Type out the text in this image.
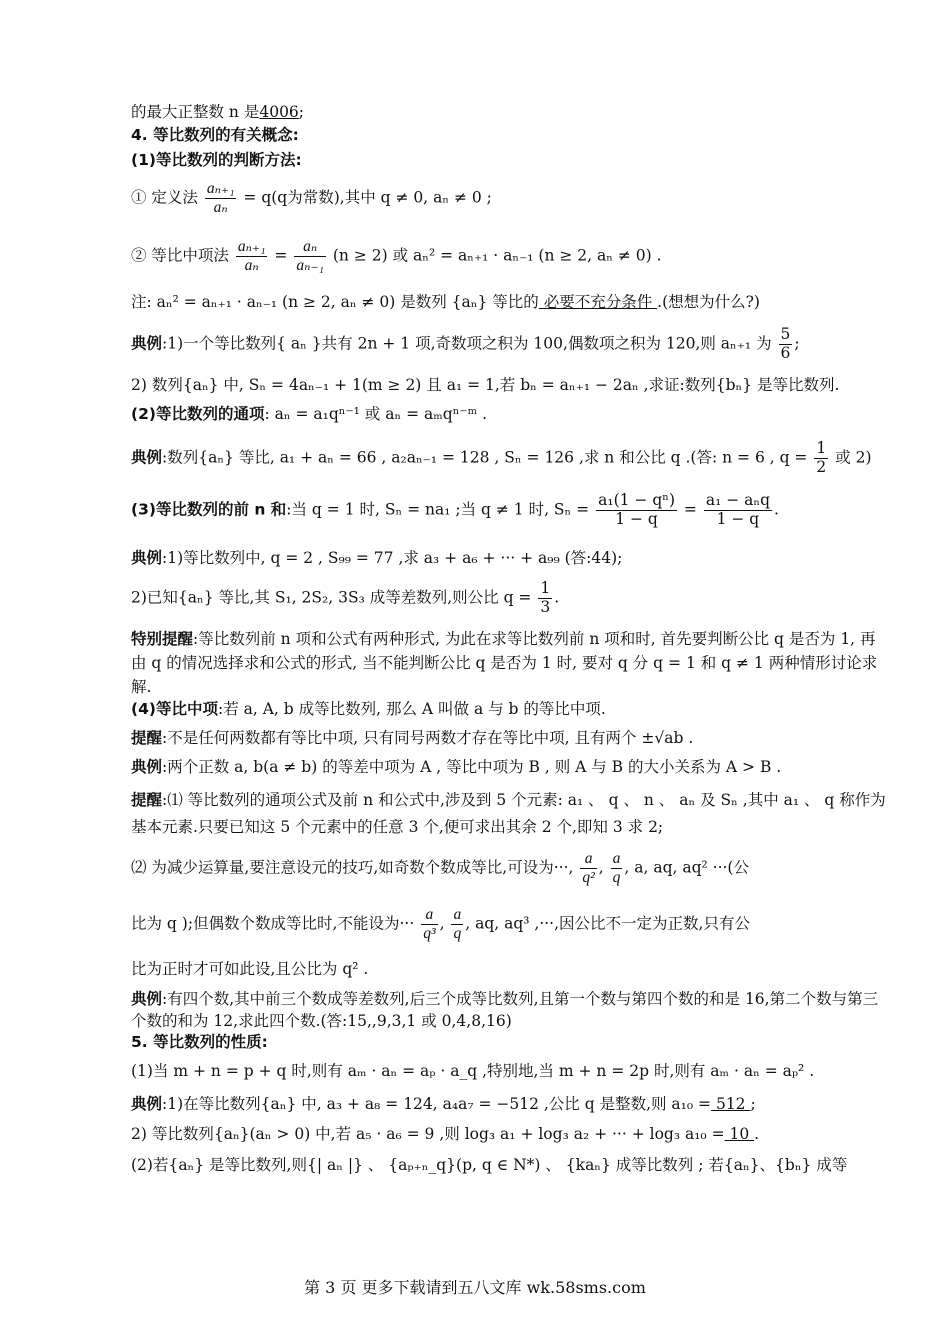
的最大正整数 n 是4006;
4. 等比数列的有关概念:
(1)等比数列的判断方法:
① 定义法 $\frac{\text{aₙ₊₁}}{\text{aₙ}} = q(q$为常数),其中 q ≠ 0, aₙ ≠ 0 ;
② 等比中项法 $\frac{\text{aₙ₊₁}}{\text{aₙ}} = \frac{\text{aₙ}}{\text{aₙ₋₁}} (n \ge 2)$ 或 aₙ² = aₙ₊₁ · aₙ₋₁ (n ≥ 2, aₙ ≠ 0) .
注: aₙ² = aₙ₊₁ · aₙ₋₁ (n ≥ 2, aₙ ≠ 0) 是数列 {aₙ} 等比的 必要不充分条件 .(想想为什么?)
典例:1)一个等比数列{ aₙ }共有 2n + 1 项,奇数项之积为 100,偶数项之积为 120,则 aₙ₊₁ 为 $\frac{5}{6}$ ;
2) 数列{aₙ} 中, Sₙ = 4aₙ₋₁ + 1(m ≥ 2) 且 a₁ = 1,若 bₙ = aₙ₊₁ − 2aₙ ,求证:数列{bₙ} 是等比数列.
(2)等比数列的通项: aₙ = a₁qⁿ⁻¹ 或 aₙ = aₘqⁿ⁻ᵐ .
典例:数列{aₙ} 等比, a₁ + aₙ = 66 , a₂aₙ₋₁ = 128 , Sₙ = 126 ,求 n 和公比 q .(答: n = 6 , $q = \frac{1}{2}$ 或 2)
(3)等比数列的前 n 和:当 q = 1 时, Sₙ = na₁ ;当 q ≠ 1 时, $S_n = \frac{\text{a₁(1 − qⁿ)}}{1 - q} = \frac{\text{a₁ − aₙq}}{1 - q}$ .
典例:1)等比数列中, q = 2 , S₉₉ = 77 ,求 a₃ + a₆ + ··· + a₉₉ (答:44);
2)已知{aₙ} 等比,其 S₁, 2S₂, 3S₃ 成等差数列,则公比 $q = \frac{1}{3}$ .
特别提醒:等比数列前 n 项和公式有两种形式, 为此在求等比数列前 n 项和时, 首先要判断公比 q 是否为 1, 再由 q 的情况选择求和公式的形式, 当不能判断公比 q 是否为 1 时, 要对 q 分 q = 1 和 q ≠ 1 两种情形讨论求解.
(4)等比中项:若 a, A, b 成等比数列, 那么 A 叫做 a 与 b 的等比中项.
提醒:不是任何两数都有等比中项, 只有同号两数才存在等比中项, 且有两个 ±√ab .
典例:两个正数 a, b(a ≠ b) 的等差中项为 A , 等比中项为 B , 则 A 与 B 的大小关系为 A > B .
提醒:⑴ 等比数列的通项公式及前 n 和公式中,涉及到 5 个元素: a₁ 、 q 、 n 、 aₙ 及 Sₙ ,其中 a₁ 、 q 称作为基本元素.只要已知这 5 个元素中的任意 3 个,便可求出其余 2 个,即知 3 求 2;
⑵ 为减少运算量,要注意设元的技巧,如奇数个数成等比,可设为···, $\frac{a}{\text{q²}}$ , $\frac{a}{q}$ , a, aq, aq² ···(公
比为 q );但偶数个数成等比时,不能设为··· $\frac{a}{\text{q³}}$ , $\frac{a}{q}$ , aq, aq³ ,···,因公比不一定为正数,只有公
比为正时才可如此设,且公比为 q² .
典例:有四个数,其中前三个数成等差数列,后三个成等比数列,且第一个数与第四个数的和是 16,第二个数与第三个数的和为 12,求此四个数.(答:15,,9,3,1 或 0,4,8,16)
5. 等比数列的性质:
(1)当 m + n = p + q 时,则有 aₘ · aₙ = aₚ · a_q ,特别地,当 m + n = 2p 时,则有 aₘ · aₙ = aₚ² .
典例:1)在等比数列{aₙ} 中, a₃ + a₈ = 124, a₄a₇ = −512 ,公比 q 是整数,则 a₁₀ = 512 ;
2) 等比数列{aₙ}(aₙ > 0) 中,若 a₅ · a₆ = 9 ,则 log₃ a₁ + log₃ a₂ + ··· + log₃ a₁₀ = 10 .
(2)若{aₙ} 是等比数列,则{| aₙ |} 、 {aₚ₊ₙ_q}(p, q ∈ N*) 、 {kaₙ} 成等比数列 ; 若{aₙ}、{bₙ} 成等
第 3 页 更多下载请到五八文库 wk.58sms.com
